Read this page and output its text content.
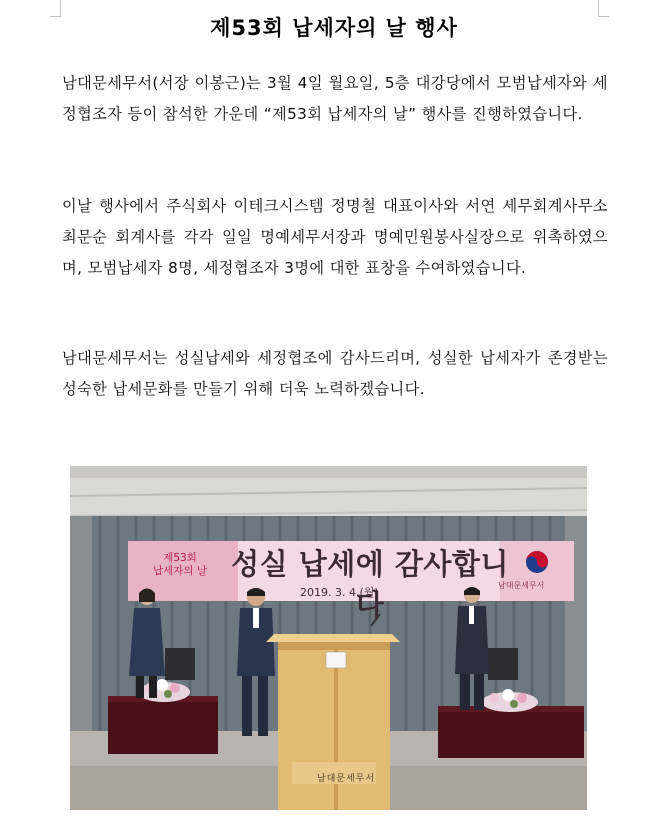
제53회 납세자의 날 행사
남대문세무서(서장 이봉근)는 3월 4일 월요일, 5층 대강당에서 모범납세자와 세정협조자 등이 참석한 가운데 “제53회 납세자의 날” 행사를 진행하였습니다.
이날 행사에서 주식회사 이테크시스템 정명철 대표이사와 서연 세무회계사무소 최문순 회계사를 각각 일일 명예세무서장과 명예민원봉사실장으로 위촉하였으며, 모범납세자 8명, 세정협조자 3명에 대한 표창을 수여하였습니다.
남대문세무서는 성실납세와 세정협조에 감사드리며, 성실한 납세자가 존경받는 성숙한 납세문화를 만들기 위해 더욱 노력하겠습니다.
제53회
납세자의 날 성실 납세에 감사합니다
2019. 3. 4.(월)
남대문세무서
남대문세무서
